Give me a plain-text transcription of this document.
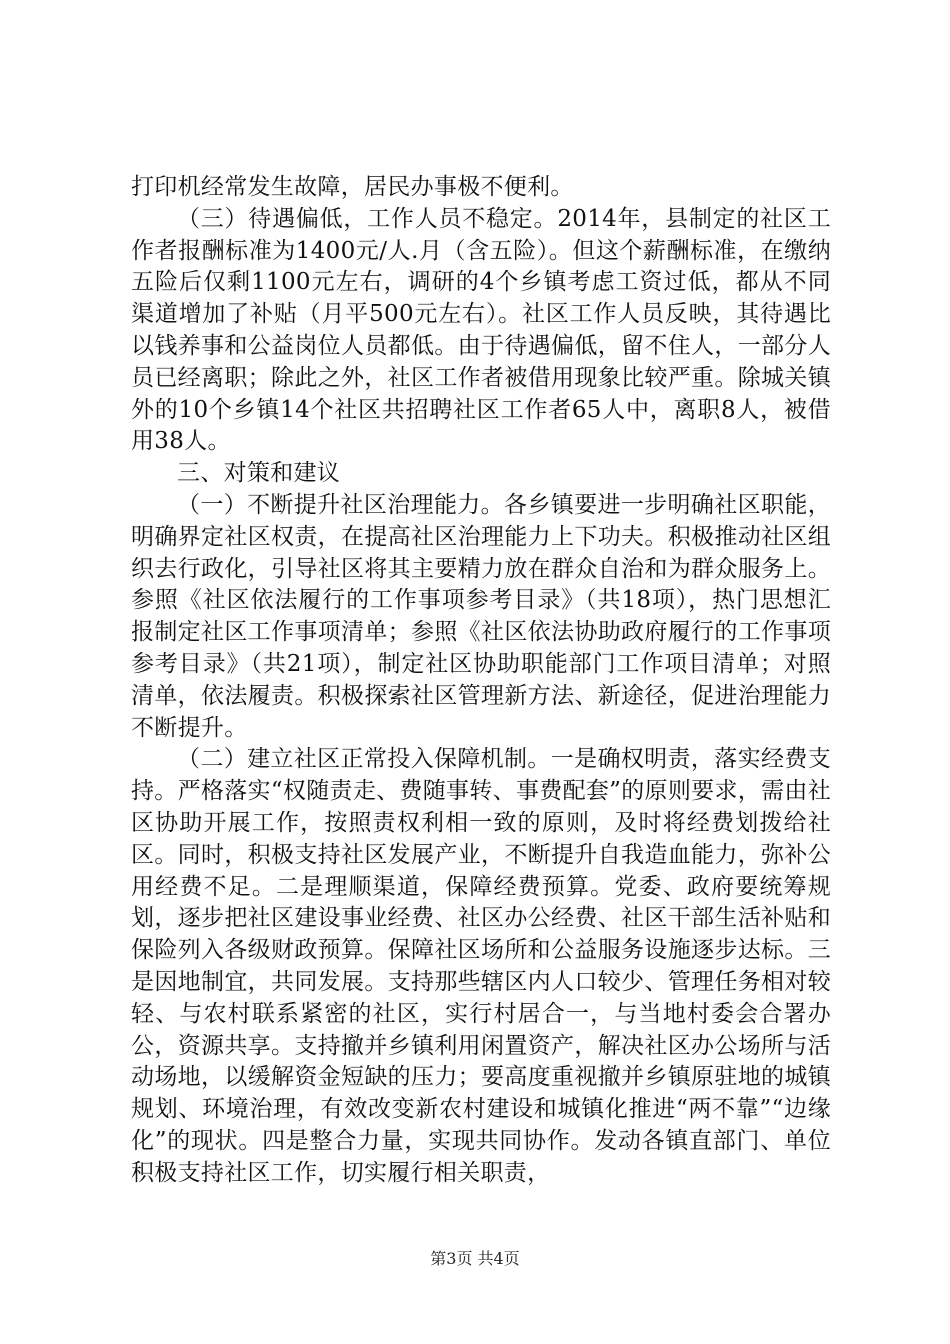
打印机经常发生故障，居民办事极不便利。

（三）待遇偏低，工作人员不稳定。2014年，县制定的社区工作者报酬标准为1400元/人.月（含五险）。但这个薪酬标准，在缴纳五险后仅剩1100元左右，调研的4个乡镇考虑工资过低，都从不同渠道增加了补贴（月平500元左右）。社区工作人员反映，其待遇比以钱养事和公益岗位人员都低。由于待遇偏低，留不住人，一部分人员已经离职；除此之外，社区工作者被借用现象比较严重。除城关镇外的10个乡镇14个社区共招聘社区工作者65人中，离职8人，被借用38人。

三、对策和建议

（一）不断提升社区治理能力。各乡镇要进一步明确社区职能，明确界定社区权责，在提高社区治理能力上下功夫。积极推动社区组织去行政化，引导社区将其主要精力放在群众自治和为群众服务上。参照《社区依法履行的工作事项参考目录》（共18项），热门思想汇报制定社区工作事项清单；参照《社区依法协助政府履行的工作事项参考目录》（共21项），制定社区协助职能部门工作项目清单；对照清单，依法履责。积极探索社区管理新方法、新途径，促进治理能力不断提升。

（二）建立社区正常投入保障机制。一是确权明责，落实经费支持。严格落实“权随责走、费随事转、事费配套”的原则要求，需由社区协助开展工作，按照责权利相一致的原则，及时将经费划拨给社区。同时，积极支持社区发展产业，不断提升自我造血能力，弥补公用经费不足。二是理顺渠道，保障经费预算。党委、政府要统筹规划，逐步把社区建设事业经费、社区办公经费、社区干部生活补贴和保险列入各级财政预算。保障社区场所和公益服务设施逐步达标。三是因地制宜，共同发展。支持那些辖区内人口较少、管理任务相对较轻、与农村联系紧密的社区，实行村居合一，与当地村委会合署办公，资源共享。支持撤并乡镇利用闲置资产，解决社区办公场所与活动场地，以缓解资金短缺的压力；要高度重视撤并乡镇原驻地的城镇规划、环境治理，有效改变新农村建设和城镇化推进“两不靠”“边缘化”的现状。四是整合力量，实现共同协作。发动各镇直部门、单位积极支持社区工作，切实履行相关职责，

第3页 共4页
